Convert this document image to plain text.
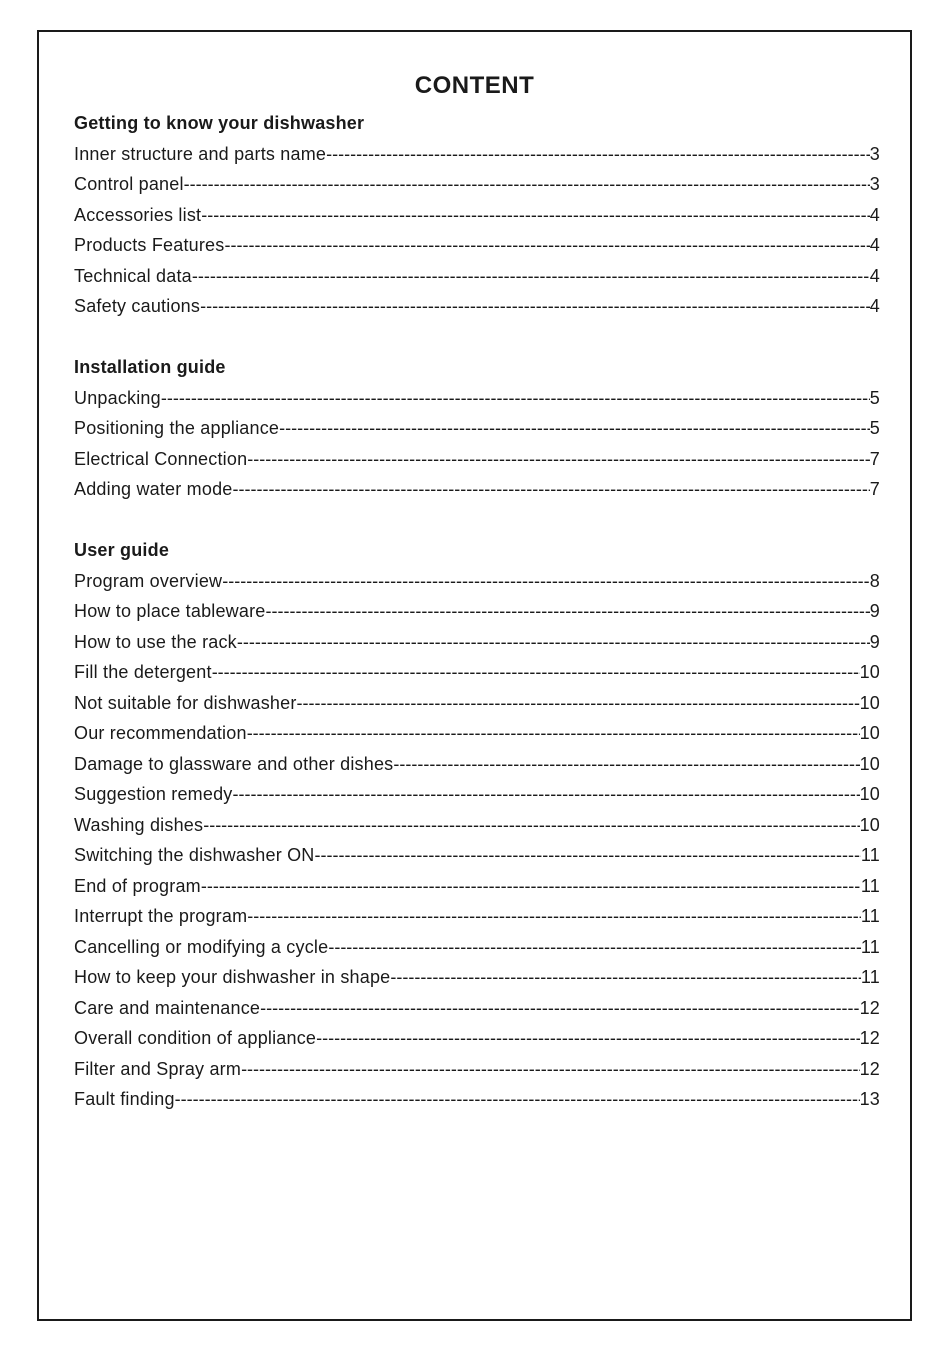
CONTENT
Getting to know your dishwasher
Inner structure and parts name -----	3
Control panel -----	3
Accessories list -----	4
Products Features -----	4
Technical data -----	4
Safety cautions -----	4
Installation guide
Unpacking -----	5
Positioning the appliance -----	5
Electrical Connection -----	7
Adding water mode -----	7
User guide
Program overview -----	8
How to place tableware -----	9
How to use the rack -----	9
Fill the detergent -----	10
Not suitable for dishwasher -----	10
Our recommendation -----	10
Damage to glassware and other dishes -----	10
Suggestion remedy -----	10
Washing dishes -----	10
Switching the dishwasher ON -----	11
End of program -----	11
Interrupt the program -----	11
Cancelling or modifying a cycle -----	11
How to keep your dishwasher in shape -----	11
Care and maintenance -----	12
Overall condition of appliance -----	12
Filter and Spray arm -----	12
Fault finding -----	13
